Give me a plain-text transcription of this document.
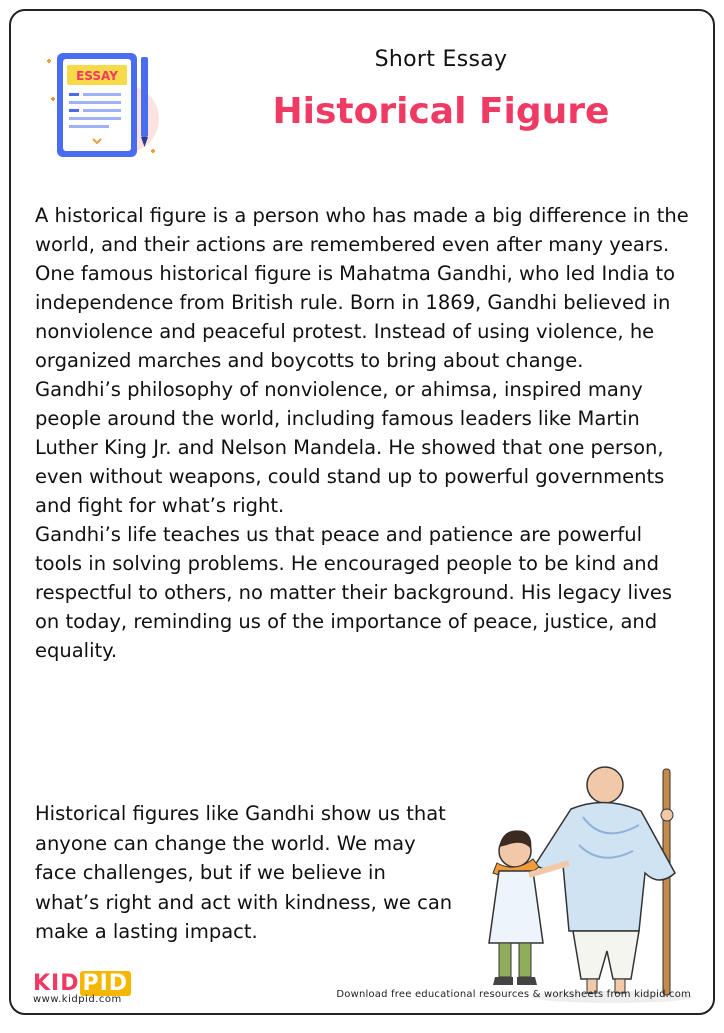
ESSAY
Short Essay
Historical Figure

A historical figure is a person who has made a big difference in the world, and their actions are remembered even after many years. One famous historical figure is Mahatma Gandhi, who led India to independence from British rule. Born in 1869, Gandhi believed in nonviolence and peaceful protest. Instead of using violence, he organized marches and boycotts to bring about change.

Gandhi’s philosophy of nonviolence, or ahimsa, inspired many people around the world, including famous leaders like Martin Luther King Jr. and Nelson Mandela. He showed that one person, even without weapons, could stand up to powerful governments and fight for what’s right.

Gandhi’s life teaches us that peace and patience are powerful tools in solving problems. He encouraged people to be kind and respectful to others, no matter their background. His legacy lives on today, reminding us of the importance of peace, justice, and equality.

Historical figures like Gandhi show us that anyone can change the world. We may face challenges, but if we believe in what’s right and act with kindness, we can make a lasting impact.
KID PID
www.kidpid.com	Download free educational resources & worksheets from kidpid.com
